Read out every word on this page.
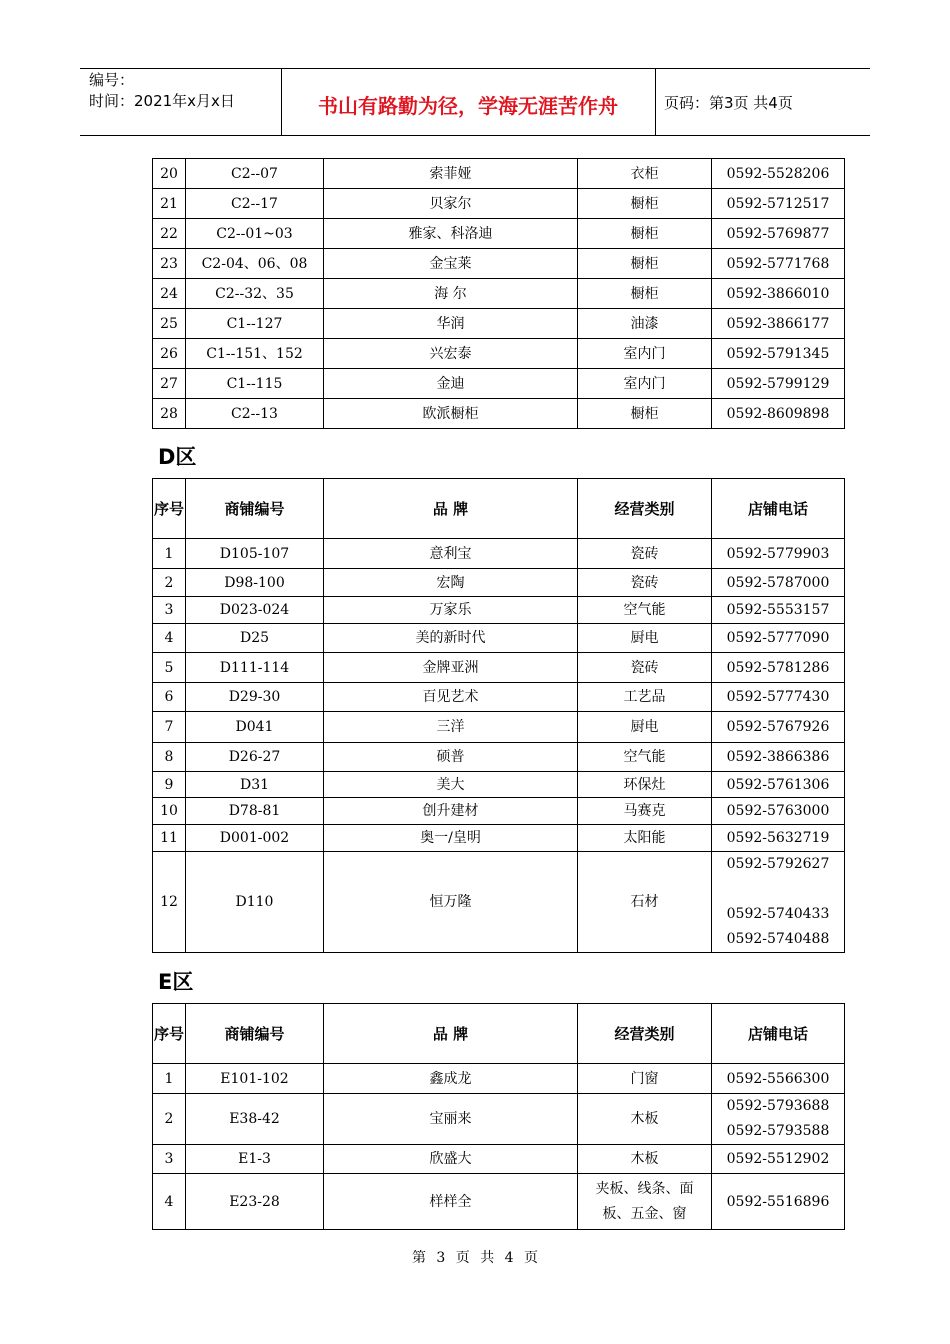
编号：
时间：2021年x月x日	书山有路勤为径，学海无涯苦作舟	页码：第3页 共4页
20	C2--07	索菲娅	衣柜	0592-5528206
21	C2--17	贝家尔	橱柜	0592-5712517
22	C2--01~03	雅家、科洛迪	橱柜	0592-5769877
23	C2-04、06、08	金宝莱	橱柜	0592-5771768
24	C2--32、35	海 尔	橱柜	0592-3866010
25	C1--127	华润	油漆	0592-3866177
26	C1--151、152	兴宏泰	室内门	0592-5791345
27	C1--115	金迪	室内门	0592-5799129
28	C2--13	欧派橱柜	橱柜	0592-8609898
D区
序号	商铺编号	品 牌	经营类别	店铺电话
1	D105-107	意利宝	瓷砖	0592-5779903
2	D98-100	宏陶	瓷砖	0592-5787000
3	D023-024	万家乐	空气能	0592-5553157
4	D25	美的新时代	厨电	0592-5777090
5	D111-114	金牌亚洲	瓷砖	0592-5781286
6	D29-30	百见艺术	工艺品	0592-5777430
7	D041	三洋	厨电	0592-5767926
8	D26-27	硕普	空气能	0592-3866386
9	D31	美大	环保灶	0592-5761306
10	D78-81	创升建材	马赛克	0592-5763000
11	D001-002	奥一/皇明	太阳能	0592-5632719
12	D110	恒万隆	石材	0592-5792627
0592-5740433
0592-5740488
E区
序号	商铺编号	品 牌	经营类别	店铺电话
1	E101-102	鑫成龙	门窗	0592-5566300
2	E38-42	宝丽来	木板	0592-5793688
0592-5793588

3	E1-3	欣盛大	木板	0592-5512902
4	E23-28	样样全	夹板、线条、面
板、五金、窗	0592-5516896
第 3 页 共 4 页
